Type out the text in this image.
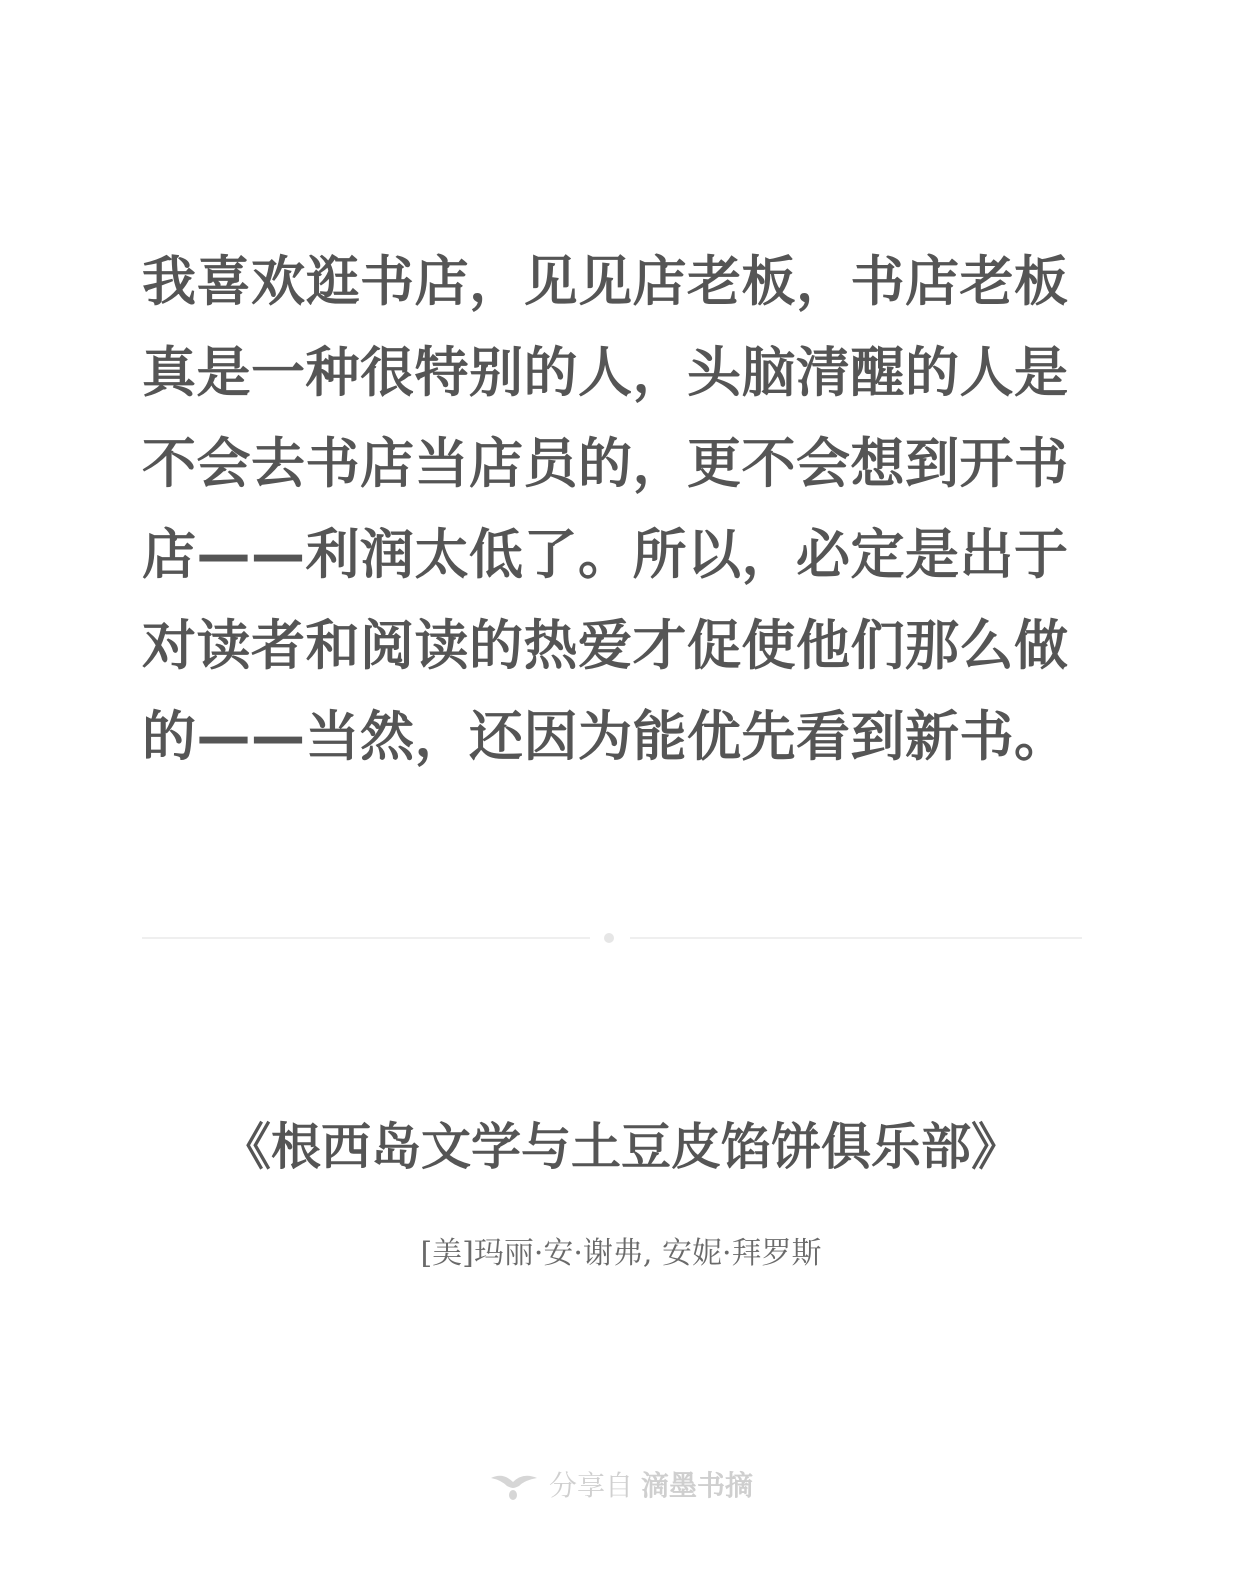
我喜欢逛书店，见见店老板，书店老板真是一种很特别的人，头脑清醒的人是不会去书店当店员的，更不会想到开书店——利润太低了。所以，必定是出于对读者和阅读的热爱才促使他们那么做的——当然，还因为能优先看到新书。

《根西岛文学与土豆皮馅饼俱乐部》

[美]玛丽·安·谢弗, 安妮·拜罗斯

分享自 滴墨书摘
